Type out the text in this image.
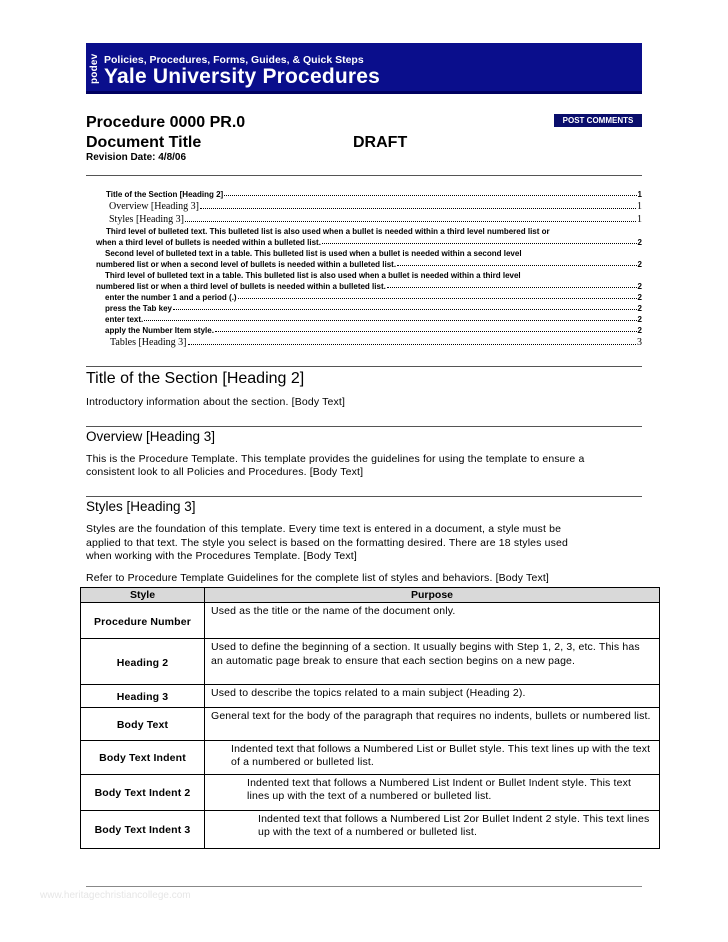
podev Policies, Procedures, Forms, Guides, & Quick Steps
Yale University Procedures
Procedure 0000 PR.0
Document Title	DRAFT
Revision Date: 4/8/06
POST COMMENTS
Title of the Section [Heading 2]	1
Overview [Heading 3]	1
Styles [Heading 3]	1
Third level of bulleted text. This bulleted list is also used when a bullet is needed within a third level numbered list or
when a third level of bullets is needed within a bulleted list.	2
Second level of bulleted text in a table. This bulleted list is used when a bullet is needed within a second level
numbered list or when a second level of bullets is needed within a bulleted list.	2
Third level of bulleted text in a table. This bulleted list is also used when a bullet is needed within a third level
numbered list or when a third level of bullets is needed within a bulleted list.	2
enter the number 1 and a period (.)	2
press the Tab key	2
enter text.	2
apply the Number Item style.	2
Tables [Heading 3]	3
Title of the Section [Heading 2]
Introductory information about the section. [Body Text]
Overview [Heading 3]
This is the Procedure Template. This template provides the guidelines for using the template to ensure a
consistent look to all Policies and Procedures. [Body Text]
Styles [Heading 3]
Styles are the foundation of this template. Every time text is entered in a document, a style must be
applied to that text. The style you select is based on the formatting desired. There are 18 styles used
when working with the Procedures Template. [Body Text]
Refer to Procedure Template Guidelines for the complete list of styles and behaviors. [Body Text]
Style	Purpose
Procedure Number	Used as the title or the name of the document only.
Heading 2	Used to define the beginning of a section. It usually begins with Step 1, 2, 3, etc. This has an automatic page break to ensure that each section begins on a new page.
Heading 3	Used to describe the topics related to a main subject (Heading 2).
Body Text	General text for the body of the paragraph that requires no indents, bullets or numbered list.
Body Text Indent	Indented text that follows a Numbered List or Bullet style. This text lines up with the text of a numbered or bulleted list.
Body Text Indent 2	Indented text that follows a Numbered List Indent or Bullet Indent style. This text lines up with the text of a numbered or bulleted list.
Body Text Indent 3	Indented text that follows a Numbered List 2or Bullet Indent 2 style. This text lines up with the text of a numbered or bulleted list.
www.heritagechristiancollege.com
